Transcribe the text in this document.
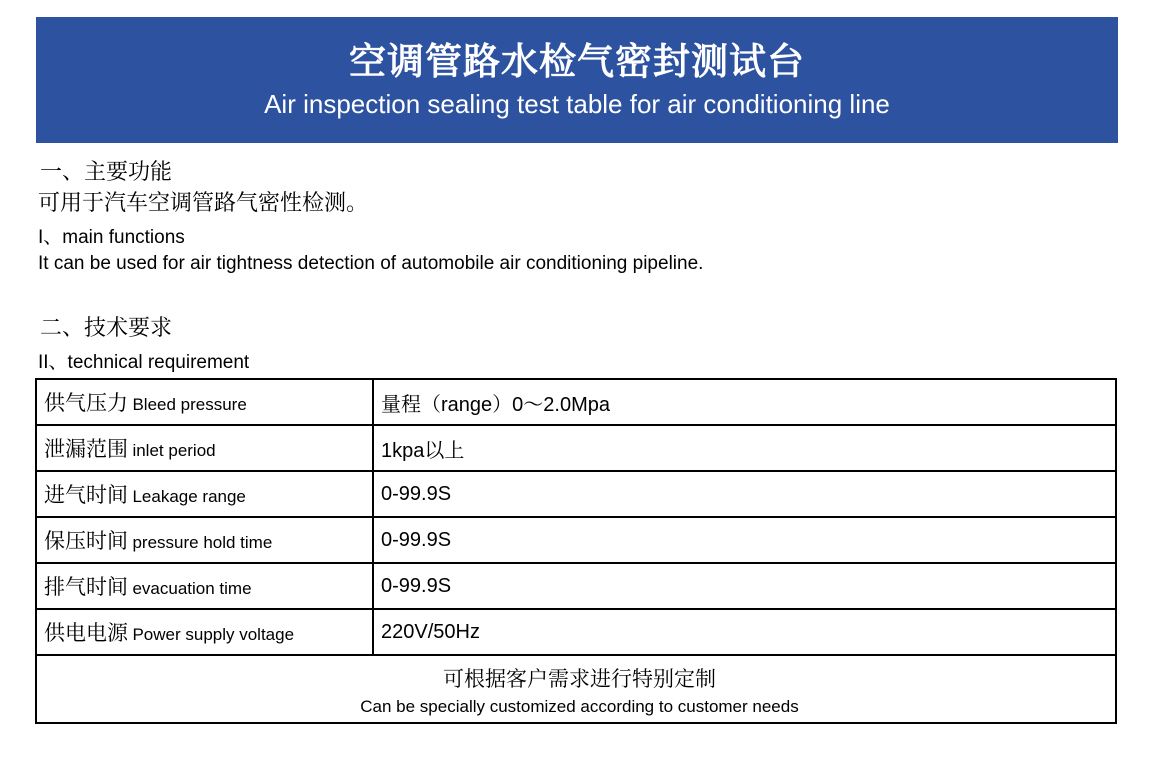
空调管路水检气密封测试台
Air inspection sealing test table for air conditioning line
一、主要功能
可用于汽车空调管路气密性检测。
I、main functions
It can be used for air tightness detection of automobile air conditioning pipeline.
二、技术要求
II、technical requirement
供气压力 Bleed pressure	量程（range）0～2.0Mpa
泄漏范围 inlet period	1kpa以上
进气时间 Leakage range	0-99.9S
保压时间 pressure hold time	0-99.9S
排气时间 evacuation time	0-99.9S
供电电源 Power supply voltage	220V/50Hz

可根据客户需求进行特别定制
Can be specially customized according to customer needs	
